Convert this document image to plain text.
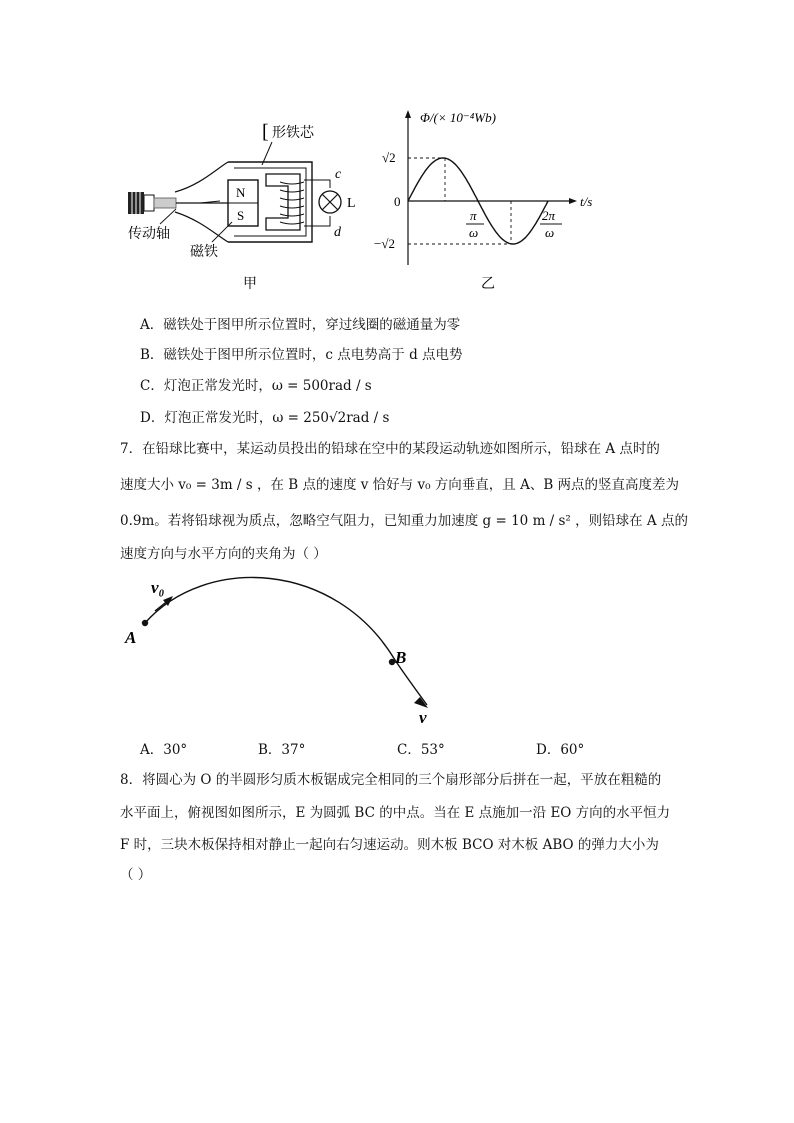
[ 形铁芯
N
S
c
d
L
传动轴
磁铁
甲
Φ/(× 10⁻⁴Wb)
t/s
0
√2
−√2
π
ω
2π
ω
乙
A．磁铁处于图甲所示位置时，穿过线圈的磁通量为零
B．磁铁处于图甲所示位置时，c 点电势高于 d 点电势
C．灯泡正常发光时，ω = 500rad / s
D．灯泡正常发光时，ω = 250√2rad / s
7．在铅球比赛中，某运动员投出的铅球在空中的某段运动轨迹如图所示，铅球在 A 点时的
速度大小 v₀ = 3m / s ，在 B 点的速度 v 恰好与 v₀ 方向垂直，且 A、B 两点的竖直高度差为
0.9m。若将铅球视为质点，忽略空气阻力，已知重力加速度 g = 10 m / s² ，则铅球在 A 点的
速度方向与水平方向的夹角为（ ）
v₀
A
B
v
A．30°	B．37°	C．53°	D．60°
8．将圆心为 O 的半圆形匀质木板锯成完全相同的三个扇形部分后拼在一起，平放在粗糙的
水平面上，俯视图如图所示，E 为圆弧 BC 的中点。当在 E 点施加一沿 EO 方向的水平恒力
F 时，三块木板保持相对静止一起向右匀速运动。则木板 BCO 对木板 ABO 的弹力大小为
（ ）
